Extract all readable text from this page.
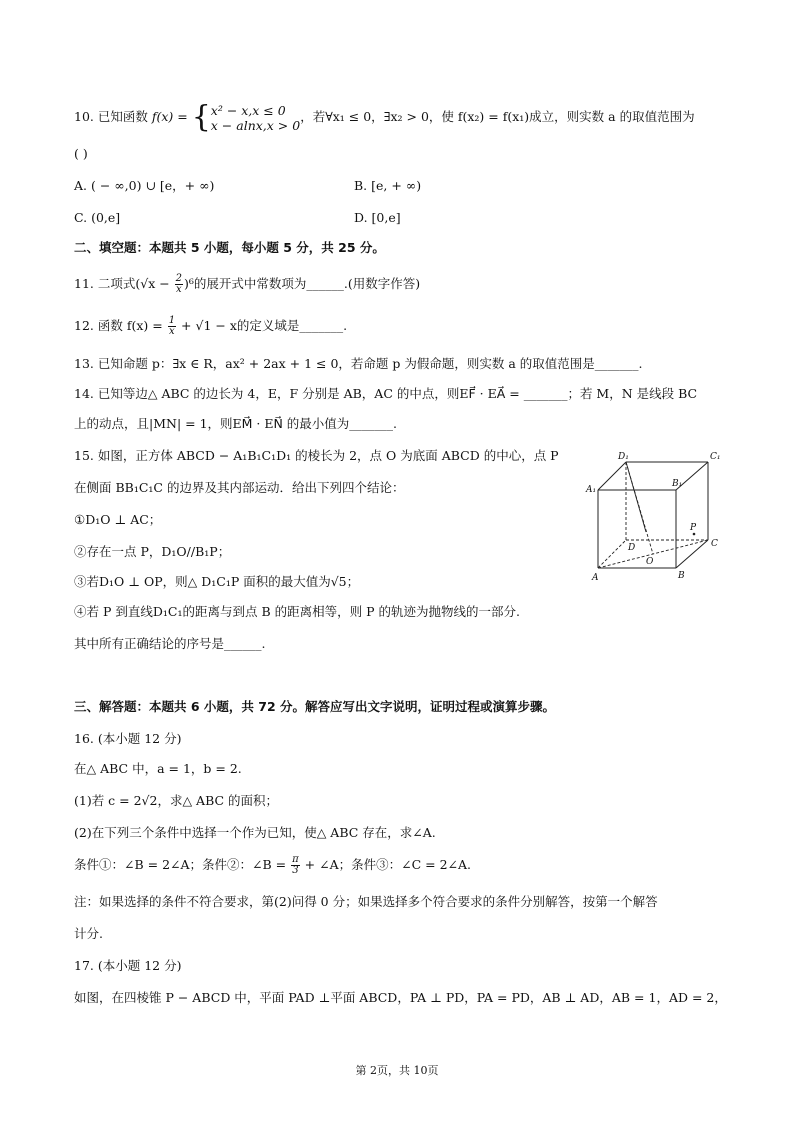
10. 已知函数 f(x) = { x² − x,x ≤ 0
x − alnx,x > 0
，若∀x₁ ≤ 0，∃x₂ > 0，使 f(x₂) = f(x₁)成立，则实数 a 的取值范围为
( )
A. ( − ∞,0) ∪ [e，+ ∞)	B. [e, + ∞)
C. (0,e]	D. [0,e]
二、填空题：本题共 5 小题，每小题 5 分，共 25 分。
11. 二项式$(√x - \frac{2}{x} )^6$的展开式中常数项为______.(用数字作答)
12. 函数 $f(x) = \frac{1}{x} + √1 - x$的定义域是_______.
13. 已知命题 p：∃x ∈ R，ax² + 2ax + 1 ≤ 0，若命题 p 为假命题，则实数 a 的取值范围是_______.
14. 已知等边△ ABC 的边长为 4，E，F 分别是 AB，AC 的中点，则EF⃗ · EA⃗ = _______；若 M，N 是线段 BC
上的动点，且|MN| = 1，则EM⃗ · EN⃗ 的最小值为_______.
15. 如图，正方体 ABCD − A₁B₁C₁D₁ 的棱长为 2，点 O 为底面 ABCD 的中心，点 P
在侧面 BB₁C₁C 的边界及其内部运动．给出下列四个结论：
①D₁O ⊥ AC；
②存在一点 P，D₁O//B₁P；
③若D₁O ⊥ OP，则△ D₁C₁P 面积的最大值为√5；
④若 P 到直线D₁C₁的距离与到点 B 的距离相等，则 P 的轨迹为抛物线的一部分.
其中所有正确结论的序号是______.
D₁	C₁
A₁
B₁
D	C
A	B
O
P
三、解答题：本题共 6 小题，共 72 分。解答应写出文字说明，证明过程或演算步骤。
16. (本小题 12 分)
在△ ABC 中，a = 1，b = 2.
(1)若 c = 2√2，求△ ABC 的面积；
(2)在下列三个条件中选择一个作为已知，使△ ABC 存在，求∠A.
条件①：∠B = 2∠A；条件②：∠B = $\frac{\pi}{3}$ + ∠A；条件③：∠C = 2∠A.
注：如果选择的条件不符合要求，第(2)问得 0 分；如果选择多个符合要求的条件分别解答，按第一个解答
计分.
17. (本小题 12 分)
如图，在四棱锥 P − ABCD 中，平面 PAD ⊥平面 ABCD，PA ⊥ PD，PA = PD，AB ⊥ AD，AB = 1，AD = 2，
第 2页，共 10页
